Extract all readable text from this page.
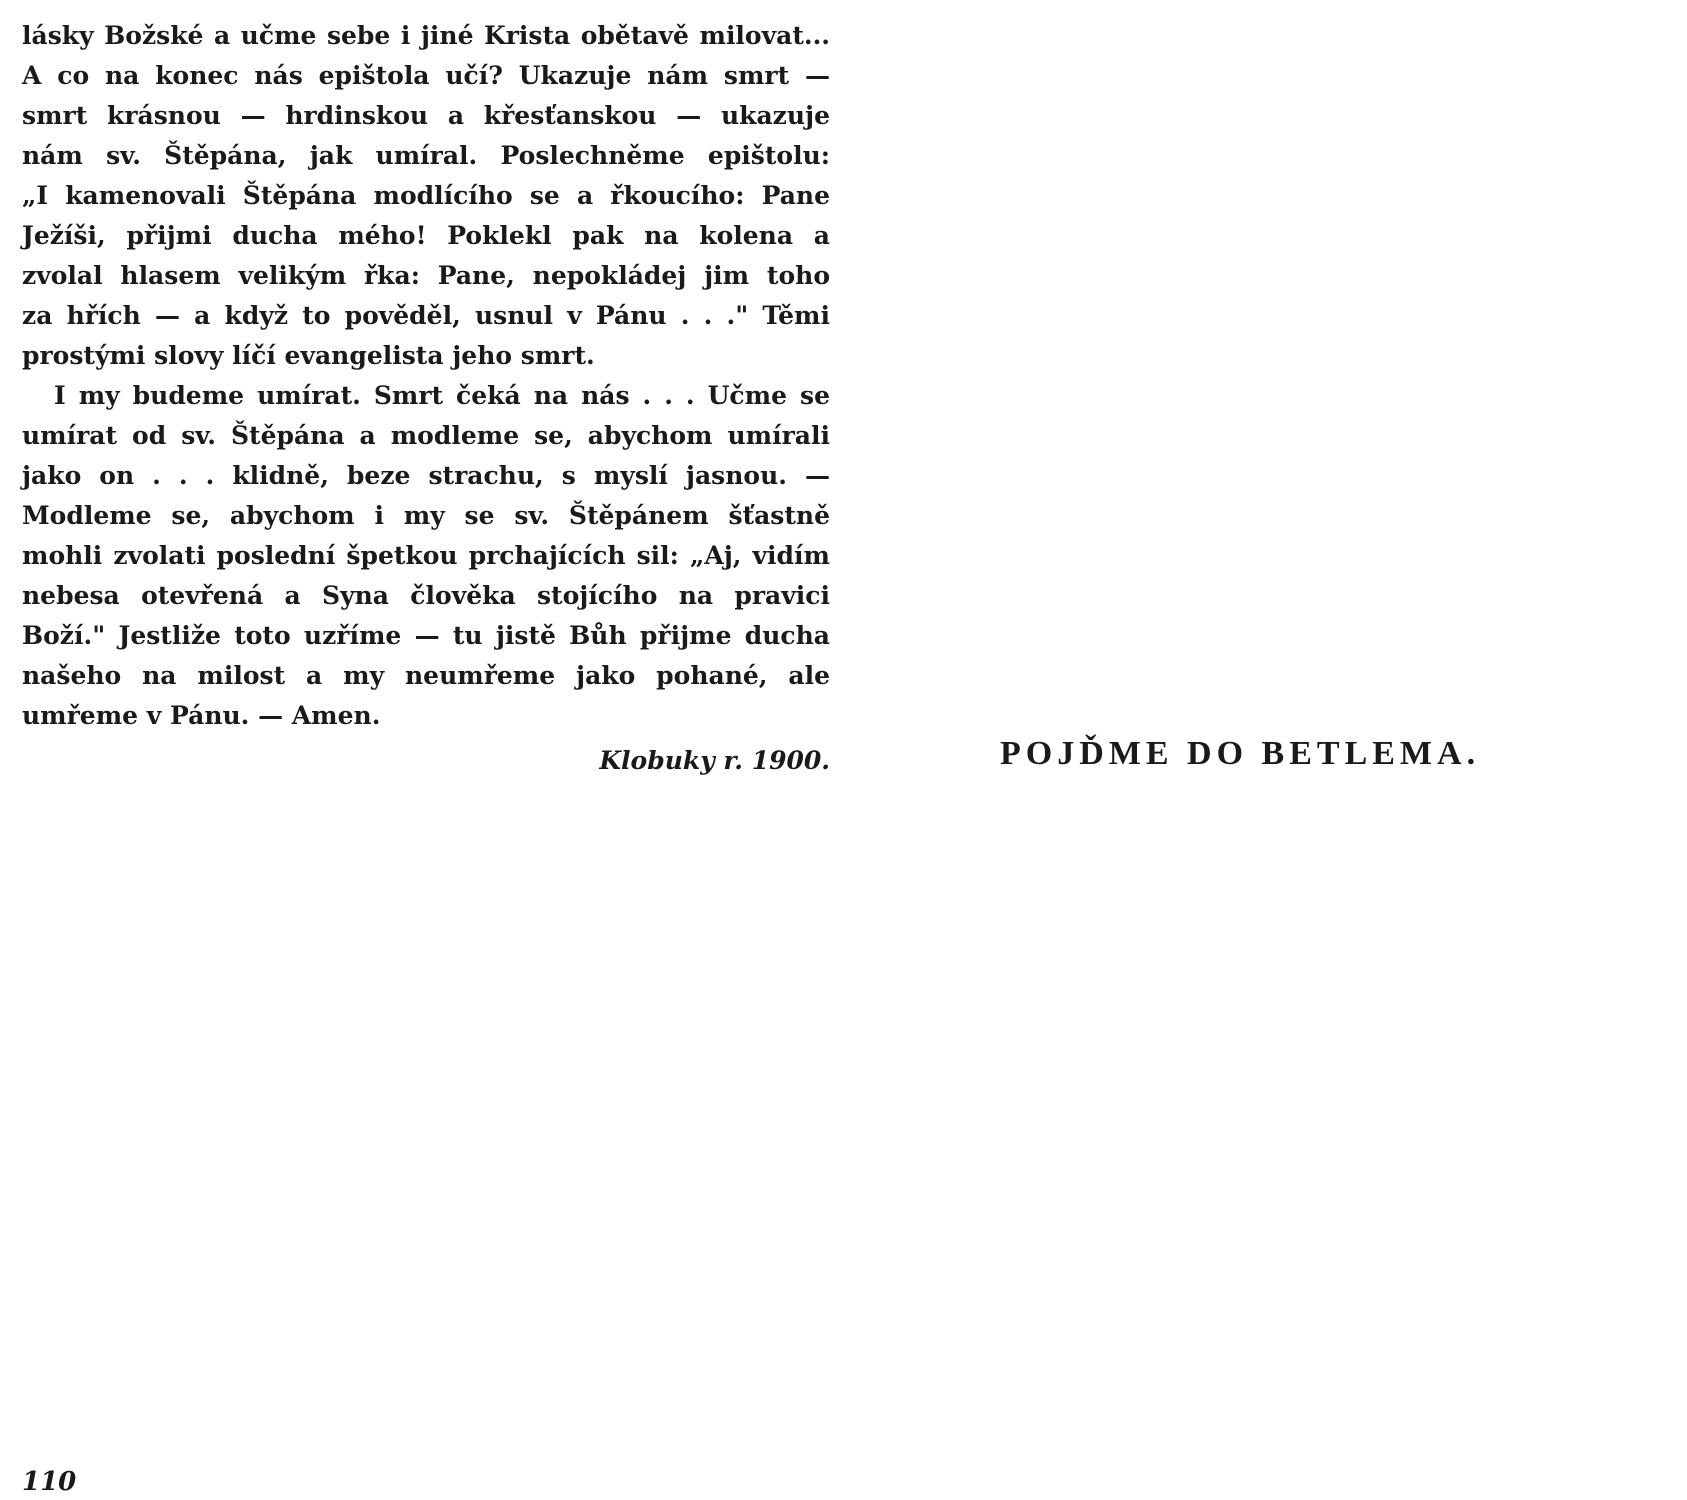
lásky Božské a učme sebe i jiné Krista obětavě milovat...
A co na konec nás epištola učí? Ukazuje nám smrt —
smrt krásnou — hrdinskou a křesťanskou — ukazuje
nám sv. Štěpána, jak umíral. Poslechněme epištolu:
„I kamenovali Štěpána modlícího se a řkoucího: Pane
Ježíši, přijmi ducha mého! Poklekl pak na kolena a
zvolal hlasem velikým řka: Pane, nepokládej jim toho
za hřích — a když to pověděl, usnul v Pánu . . ." Těmi
prostými slovy líčí evangelista jeho smrt.
I my budeme umírat. Smrt čeká na nás . . . Učme se
umírat od sv. Štěpána a modleme se, abychom umírali
jako on . . . klidně, beze strachu, s myslí jasnou. —
Modleme se, abychom i my se sv. Štěpánem šťastně
mohli zvolati poslední špetkou prchajících sil: „Aj, vidím
nebesa otevřená a Syna člověka stojícího na pravici
Boží." Jestliže toto uzříme — tu jistě Bůh přijme ducha
našeho na milost a my neumřeme jako pohané, ale
umřeme v Pánu. — Amen.
Klobuky r. 1900.
110
POJĎME DO BETLEMA.
